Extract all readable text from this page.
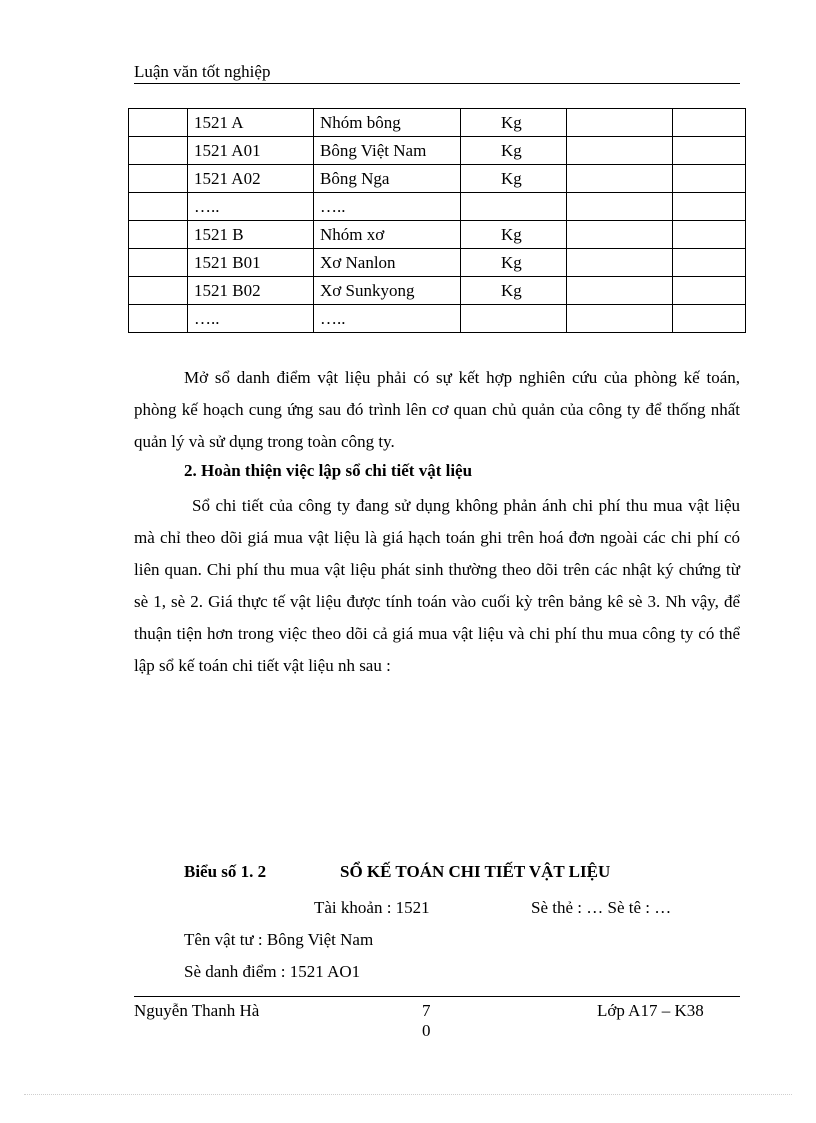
Luận văn tốt nghiệp
	1521 A	Nhóm bông	Kg		
	1521 A01	Bông Việt Nam	Kg		
	1521 A02	Bông Nga	Kg		
	…..	…..			
	1521 B	Nhóm xơ	Kg		
	1521 B01	Xơ Nanlon	Kg		
	1521 B02	Xơ Sunkyong	Kg		
	…..	…..			

Mở sổ danh điểm vật liệu phải có sự kết hợp nghiên cứu của phòng kế toán, phòng kế hoạch cung ứng sau đó trình lên cơ quan chủ quản của công ty để thống nhất quản lý và sử dụng trong toàn công ty.

2. Hoàn thiện việc lập sổ chi tiết vật liệu

Sổ chi tiết của công ty đang sử dụng không phản ánh chi phí thu mua vật liệu mà chỉ theo dõi giá mua vật liệu là giá hạch toán ghi trên hoá đơn ngoài các chi phí có liên quan. Chi phí thu mua vật liệu phát sinh thường theo dõi trên các nhật ký chứng từ sè 1, sè 2. Giá thực tế vật liệu được tính toán vào cuối kỳ trên bảng kê sè 3. Nh vậy, để thuận tiện hơn trong việc theo dõi cả giá mua vật liệu và chi phí thu mua công ty có thể lập sổ kế toán chi tiết vật liệu nh sau :

Biểu số 1. 2	SỔ KẾ TOÁN CHI TIẾT VẬT LIỆU
Tài khoản : 1521	Sè thẻ : … Sè tê : …
Tên vật tư : Bông Việt Nam
Sè danh điểm : 1521 AO1
Nguyễn Thanh Hà	7
0
Lớp A17 – K38
